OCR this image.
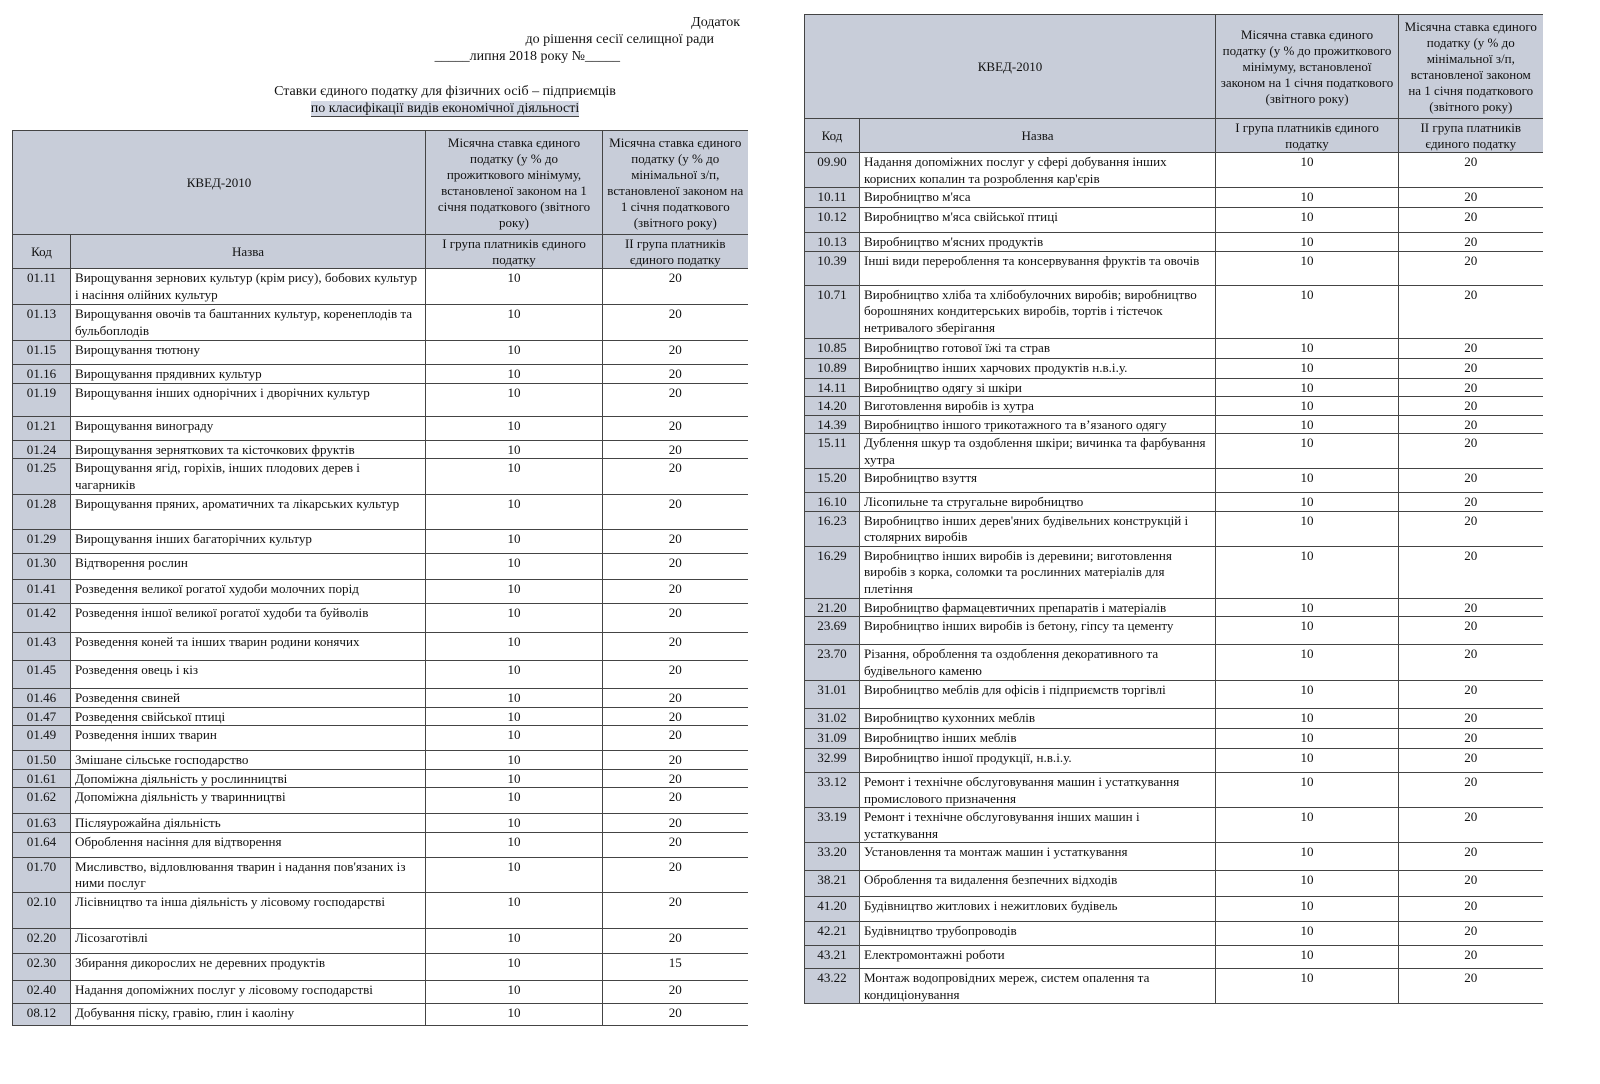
Додаток
до рішення сесії селищної ради
_____липня 2018 року №_____
Ставки єдиного податку для фізичних осіб – підприємців
по класифікації видів економічної діяльності
КВЕД-2010		Місячна ставка єдиного податку (у % до прожиткового мінімуму, встановленої законом на 1 січня податкового (звітного року)	Місячна ставка єдиного податку (у % до мінімальної з/п, встановленої законом на 1 січня податкового (звітного року)
Код	Назва	І група платників єдиного податку	ІІ група платників єдиного податку
01.11	Вирощування зернових культур (крім рису), бобових культур і насіння олійних культур	10	20
01.13	Вирощування овочів та баштанних культур, коренеплодів та бульбоплодів	10	20
01.15	Вирощування тютюну	10	20
01.16	Вирощування прядивних культур	10	20
01.19	Вирощування інших однорічних і дворічних культур	10	20
01.21	Вирощування винограду	10	20
01.24	Вирощування зерняткових та кісточкових фруктів	10	20
01.25	Вирощування ягід, горіхів, інших плодових дерев і чагарників	10	20
01.28	Вирощування пряних, ароматичних та лікарських культур	10	20
01.29	Вирощування інших багаторічних культур	10	20
01.30	Відтворення рослин	10	20
01.41	Розведення великої рогатої худоби молочних порід	10	20
01.42	Розведення іншої великої рогатої худоби та буйволів	10	20
01.43	Розведення коней та інших тварин родини конячих	10	20
01.45	Розведення овець і кіз	10	20
01.46	Розведення свиней	10	20
01.47	Розведення свійської птиці	10	20
01.49	Розведення інших тварин	10	20
01.50	Змішане сільське господарство	10	20
01.61	Допоміжна діяльність у рослинництві	10	20
01.62	Допоміжна діяльність у тваринництві	10	20
01.63	Післяурожайна діяльність	10	20
01.64	Оброблення насіння для відтворення	10	20
01.70	Мисливство, відловлювання тварин і надання пов'язаних із ними послуг	10	20
02.10	Лісівництво та інша діяльність у лісовому господарстві	10	20
02.20	Лісозаготівлі	10	20
02.30	Збирання дикорослих не деревних продуктів	10	15
02.40	Надання допоміжних послуг у лісовому господарстві	10	20
08.12	Добування піску, гравію, глин і каоліну	10	20
КВЕД-2010		Місячна ставка єдиного податку (у % до прожиткового мінімуму, встановленої законом на 1 січня податкового (звітного року)	Місячна ставка єдиного податку (у % до мінімальної з/п, встановленої законом на 1 січня податкового (звітного року)
Код	Назва	І група платників єдиного податку	ІІ група платників єдиного податку
09.90	Надання допоміжних послуг у сфері добування інших корисних копалин та розроблення кар'єрів	10	20
10.11	Виробництво м'яса	10	20
10.12	Виробництво м'яса свійської птиці	10	20
10.13	Виробництво м'ясних продуктів	10	20
10.39	Інші види перероблення та консервування фруктів та овочів	10	20
10.71	Виробництво хліба та хлібобулочних виробів; виробництво борошняних кондитерських виробів, тортів і тістечок нетривалого зберігання	10	20
10.85	Виробництво готової їжі та страв	10	20
10.89	Виробництво інших харчових продуктів н.в.і.у.	10	20
14.11	Виробництво одягу зі шкіри	10	20
14.20	Виготовлення виробів із хутра	10	20
14.39	Виробництво іншого трикотажного та в’язаного одягу	10	20
15.11	Дублення шкур та оздоблення шкіри; вичинка та фарбування хутра	10	20
15.20	Виробництво взуття	10	20
16.10	Лісопильне та стругальне виробництво	10	20
16.23	Виробництво інших дерев'яних будівельних конструкцій і столярних виробів	10	20
16.29	Виробництво інших виробів із деревини; виготовлення виробів з корка, соломки та рослинних матеріалів для плетіння	10	20
21.20	Виробництво фармацевтичних препаратів і матеріалів	10	20
23.69	Виробництво інших виробів із бетону, гіпсу та цементу	10	20
23.70	Різання, оброблення та оздоблення декоративного та будівельного каменю	10	20
31.01	Виробництво меблів для офісів і підприємств торгівлі	10	20
31.02	Виробництво кухонних меблів	10	20
31.09	Виробництво інших меблів	10	20
32.99	Виробництво іншої продукції, н.в.і.у.	10	20
33.12	Ремонт і технічне обслуговування машин і устаткування промислового призначення	10	20
33.19	Ремонт і технічне обслуговування інших машин і устаткування	10	20
33.20	Установлення та монтаж машин і устаткування	10	20
38.21	Оброблення та видалення безпечних відходів	10	20
41.20	Будівництво житлових і нежитлових будівель	10	20
42.21	Будівництво трубопроводів	10	20
43.21	Електромонтажні роботи	10	20
43.22	Монтаж водопровідних мереж, систем опалення та кондиціонування	10	20
